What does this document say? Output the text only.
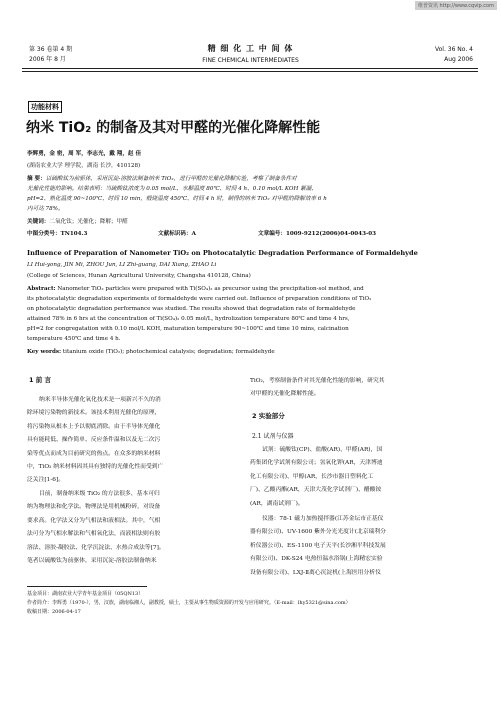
维普资讯 http://www.cqvip.com
第 36 卷第 4 期
2006 年 8 月
精 细 化 工 中 间 体
FINE CHEMICAL INTERMEDIATES
Vol. 36 No. 4
Aug 2006
功能材料
纳米 TiO₂ 的制备及其对甲醛的光催化降解性能
李辉勇，金 密，周 军，李志光，戴 翔，赵 佳
(湖南农业大学 理学院，湖南 长沙，410128)
摘 要：以硫酸钛为前驱体，采用沉淀-溶胶法制备纳米 TiO₂，进行甲醛的光催化降解实验，考察了制备条件对
光催化性能的影响。结果表明：当硫酸钛浓度为 0.05 mol/L、水解温度 80℃、时间 4 h、0.10 mol/L KOH 絮凝、
pH=2、熟化温度 90~100℃、时间 10 min，煅烧温度 450℃、时间 4 h 时，制得的纳米 TiO₂ 对甲醛的降解效率 6 h
内可达 78%。
关键词：二氧化钛；光催化；降解；甲醛
中图分类号：TN104.3	文献标识码：A	文章编号：1009-9212(2006)04-0043-03
Influence of Preparation of Nanometer TiO₂ on Photocatalytic Degradation Performance of Formaldehyde
LI Hui-yong, JIN Mi, ZHOU Jun, LI Zhi-guang, DAI Xiang, ZHAO Li
(College of Sciences, Hunan Agricultural University, Changsha 410128, China)
Abstract: Nanometer TiO₂ particles were prepared with Ti(SO₄)₂ as precursor using the precipitation-sol method, and
its photocatalytic degradation experiments of formaldehyde were carried out. Influence of preparation conditions of TiO₂
on photocatalytic degradation performance was studied. The results showed that degradation rate of formaldehyde
attained 78% in 6 hrs at the concentration of Ti(SO₄)₂ 0.05 mol/L, hydrolization temperature 80℃ and time 4 hrs,
pH=2 for congregatation with 0.10 mol/L KOH, maturation temperature 90~100℃ and time 10 mins, calcination
temperature 450℃ and time 4 h.
Key words: titanium oxide (TiO₂); photochemical catalysis; degradation; formaldehyde
1 前 言
纳米半导体光催化氧化技术是一项新兴不久的消
除环境污染物的新技术。该技术利用光催化的原理，
将污染物从根本上予以彻底消除。由于半导体光催化
具有能耗低、操作简单、反应条件温和以及无二次污
染等优点而成为目前研究的热点。在众多的纳米材料
中，TiO₂ 纳米材料因其具有独特的光催化性而受到广
泛关注[1-6]。
目前，制备纳米级 TiO₂ 的方法很多，基本可归
纳为物理法和化学法。物理法是用机械粉碎，对设备
要求高。化学法又分为气相法和液相法。其中，气相
法可分为气相水解法和气相氧化法，而液相法则有胶
溶法、溶胶-凝胶法、化学沉淀法、水热合成法等[7]。
笔者以硫酸钛为前驱体，采用沉淀-溶胶法制备纳米
TiO₂，考察制备条件对其光催化性能的影响，研究其
对甲醛的光催化降解性能。
2 实验部分
2.1 试剂与仪器
试剂：硫酸钛(CP)、盐酸(AR)、甲醛(AR)，国
药集团化学试剂有限公司；氢氧化钾(AR，天津博迪
化工有限公司)、甲醇(AR，长沙市器日塑料化工
厂)、乙酸丙酯(AR，天津大茂化学试剂厂)、醋酸铵
(AR，湖南试剂厂)。
仪器：78-1 磁力加热搅拌器(江苏金坛市正基仪
器有限公司)、UV-1600 紫外分光光度计(北京瑞利分
析仪器公司)、ES-1100 电子天平(长沙湘平科技发展
有限公司)、DK-S24 电热恒温水浴锅(上海精宏实验
设备有限公司)、LXJ-Ⅱ离心沉淀机(上海医用分析仪
基金项目：湖南农业大学青年基金项目（05QN13）
作者简介：李辉勇（1970-），男，汉族，湖南临湘人，副教授，硕士，主要从事生物质资源的开发与应用研究。（E-mail：lhy5321@sina.com）
收稿日期：2006-04-17
